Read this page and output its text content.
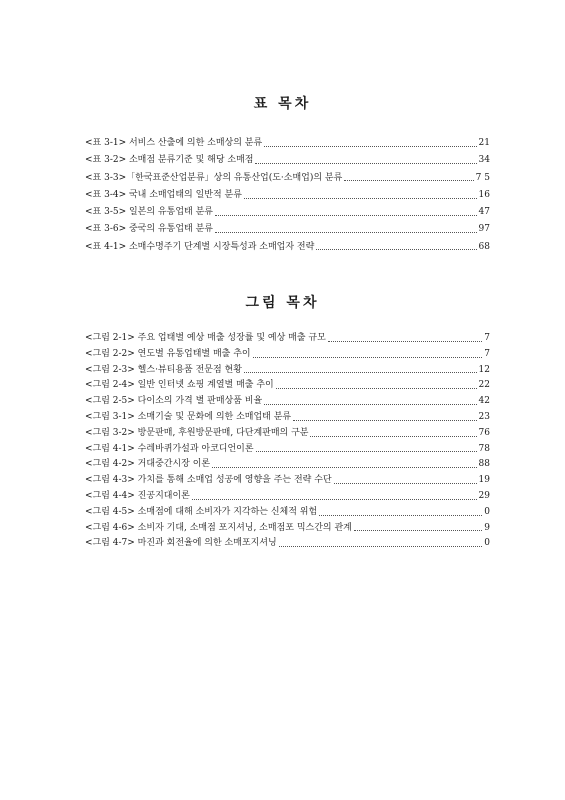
표 목차
<표 3-1> 서비스 산출에 의한 소매상의 분류	21
<표 3-2> 소매점 분류기준 및 해당 소매점	34
<표 3-3>「한국표준산업분류」상의 유통산업(도·소매업)의 분류	7 5
<표 3-4> 국내 소매업태의 일반적 분류	16
<표 3-5> 일본의 유통업태 분류	47
<표 3-6> 중국의 유통업태 분류	97
<표 4-1> 소매수명주기 단계별 시장특성과 소매업자 전략	68
그림 목차
<그림 2-1> 주요 업태별 예상 매출 성장률 및 예상 매출 규모	7
<그림 2-2> 연도별 유통업태별 매출 추이	7
<그림 2-3> 헬스·뷰티용품 전문점 현황	12
<그림 2-4> 일반 인터넷 쇼핑 계열별 매출 추이	22
<그림 2-5> 다이소의 가격 별 판매상품 비율	42
<그림 3-1> 소매기술 및 문화에 의한 소매업태 분류	23
<그림 3-2> 방문판매, 후원방문판매, 다단계판매의 구분	76
<그림 4-1> 수레바퀴가설과 아코디언이론	78
<그림 4-2> 거대중간시장 이론	88
<그림 4-3> 가치를 통해 소매업 성공에 영향을 주는 전략 수단	19
<그림 4-4> 진공지대이론	29
<그림 4-5> 소매점에 대해 소비자가 지각하는 신체적 위험	0
<그림 4-6> 소비자 기대, 소매점 포지셔닝, 소매점포 믹스간의 관계	9
<그림 4-7> 마진과 회전율에 의한 소매포지셔닝	0
